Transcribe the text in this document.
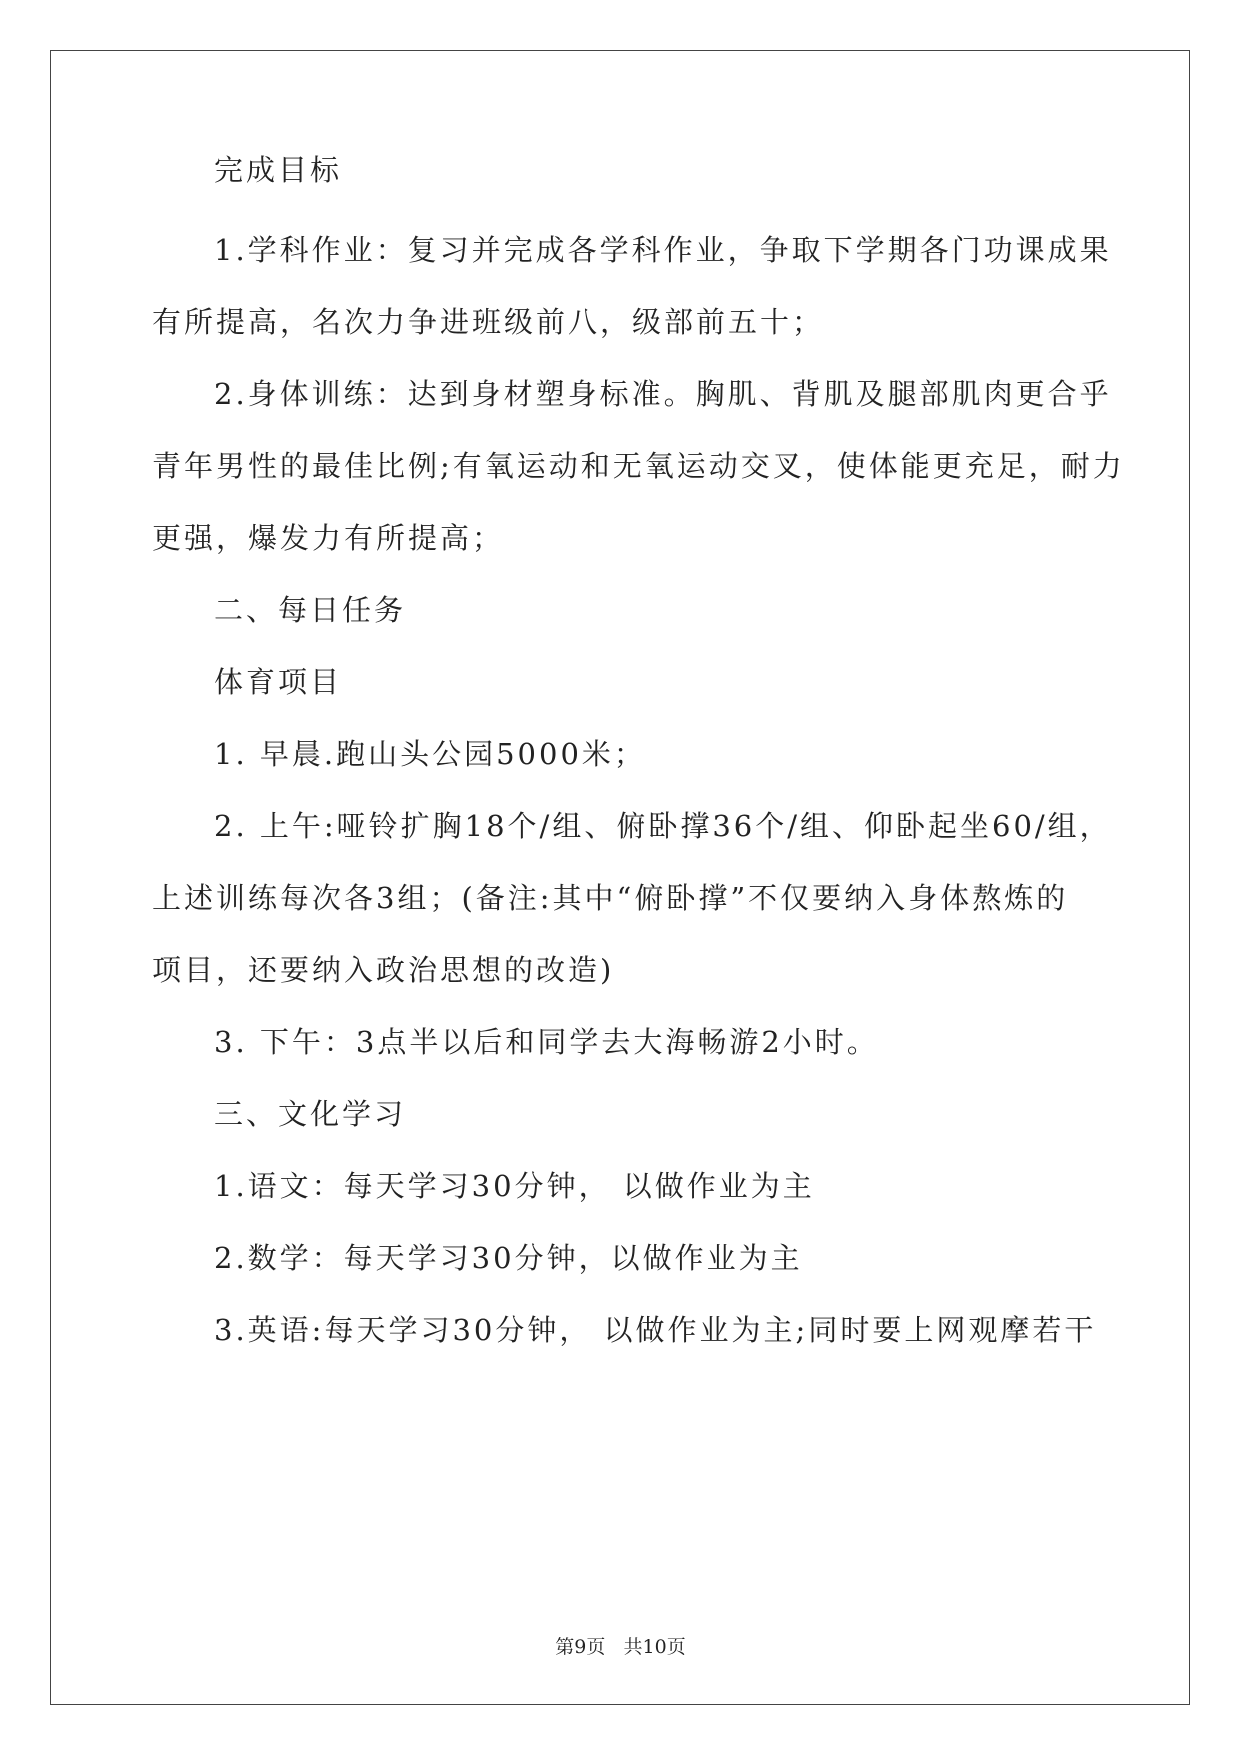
完成目标
1.学科作业：复习并完成各学科作业，争取下学期各门功课成果
有所提高，名次力争进班级前八，级部前五十；
2.身体训练：达到身材塑身标准。胸肌、背肌及腿部肌肉更合乎
青年男性的最佳比例;有氧运动和无氧运动交叉，使体能更充足，耐力
更强，爆发力有所提高；
二、每日任务
体育项目
1. 早晨.跑山头公园5000米；
2. 上午:哑铃扩胸18个/组、俯卧撑36个/组、仰卧起坐60/组，
上述训练每次各3组；(备注:其中“俯卧撑”不仅要纳入身体熬炼的
项目，还要纳入政治思想的改造)
3. 下午：3点半以后和同学去大海畅游2小时。
三、文化学习
1.语文：每天学习30分钟， 以做作业为主
2.数学：每天学习30分钟，以做作业为主
3.英语:每天学习30分钟， 以做作业为主;同时要上网观摩若干
第9页 共10页
